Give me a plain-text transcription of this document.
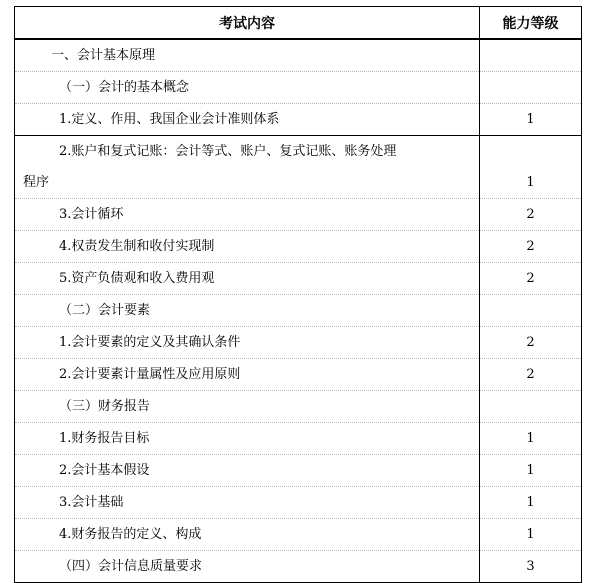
考试内容	能力等级
一、会计基本原理	
（一）会计的基本概念	
1.定义、作用、我国企业会计准则体系	1
2.账户和复式记账：会计等式、账户、复式记账、账务处理
程序	1
3.会计循环	2
4.权责发生制和收付实现制	2
5.资产负债观和收入费用观	2
（二）会计要素	
1.会计要素的定义及其确认条件	2
2.会计要素计量属性及应用原则	2
（三）财务报告	
1.财务报告目标	1
2.会计基本假设	1
3.会计基础	1
4.财务报告的定义、构成	1
（四）会计信息质量要求	3
